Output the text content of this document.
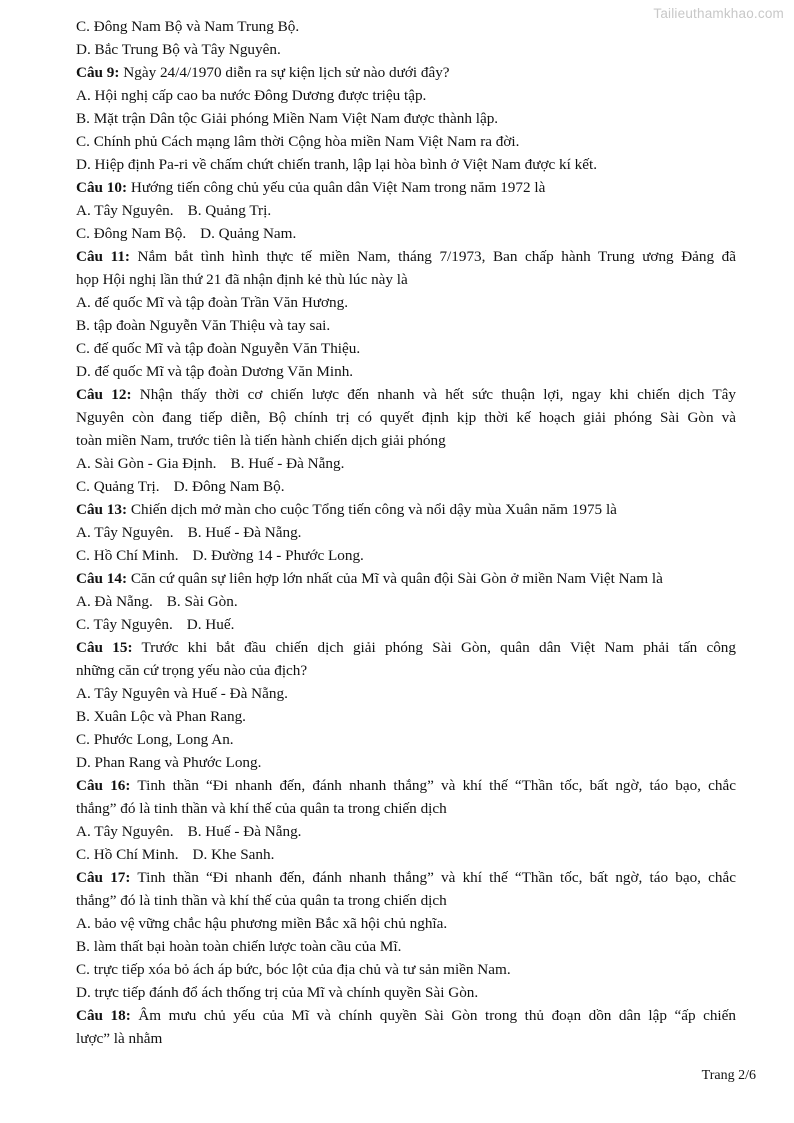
Tailieuthamkhao.com
C. Đông Nam Bộ và Nam Trung Bộ.
D. Bắc Trung Bộ và Tây Nguyên.
Câu 9: Ngày 24/4/1970 diễn ra sự kiện lịch sử nào dưới đây?
A. Hội nghị cấp cao ba nước Đông Dương được triệu tập.
B. Mặt trận Dân tộc Giải phóng Miền Nam Việt Nam được thành lập.
C. Chính phủ Cách mạng lâm thời Cộng hòa miền Nam Việt Nam ra đời.
D. Hiệp định Pa-ri về chấm chứt chiến tranh, lập lại hòa bình ở Việt Nam được kí kết.
Câu 10: Hướng tiến công chủ yếu của quân dân Việt Nam trong năm 1972 là
A. Tây Nguyên. B. Quảng Trị.
C. Đông Nam Bộ. D. Quảng Nam.
Câu 11: Nắm bắt tình hình thực tế miền Nam, tháng 7/1973, Ban chấp hành Trung ương Đảng đã
họp Hội nghị lần thứ 21 đã nhận định kẻ thù lúc này là
A. đế quốc Mĩ và tập đoàn Trần Văn Hương.
B. tập đoàn Nguyễn Văn Thiệu và tay sai.
C. đế quốc Mĩ và tập đoàn Nguyễn Văn Thiệu.
D. đế quốc Mĩ và tập đoàn Dương Văn Minh.
Câu 12: Nhận thấy thời cơ chiến lược đến nhanh và hết sức thuận lợi, ngay khi chiến dịch Tây
Nguyên còn đang tiếp diễn, Bộ chính trị có quyết định kịp thời kế hoạch giải phóng Sài Gòn và
toàn miền Nam, trước tiên là tiến hành chiến dịch giải phóng
A. Sài Gòn - Gia Định. B. Huế - Đà Nẵng.
C. Quảng Trị. D. Đông Nam Bộ.
Câu 13: Chiến dịch mở màn cho cuộc Tổng tiến công và nổi dậy mùa Xuân năm 1975 là
A. Tây Nguyên. B. Huế - Đà Nẵng.
C. Hồ Chí Minh. D. Đường 14 - Phước Long.
Câu 14: Căn cứ quân sự liên hợp lớn nhất của Mĩ và quân đội Sài Gòn ở miền Nam Việt Nam là
A. Đà Nẵng. B. Sài Gòn.
C. Tây Nguyên. D. Huế.
Câu 15: Trước khi bắt đầu chiến dịch giải phóng Sài Gòn, quân dân Việt Nam phải tấn công
những căn cứ trọng yếu nào của địch?
A. Tây Nguyên và Huế - Đà Nẵng.
B. Xuân Lộc và Phan Rang.
C. Phước Long, Long An.
D. Phan Rang và Phước Long.
Câu 16: Tinh thần “Đi nhanh đến, đánh nhanh thắng” và khí thế “Thần tốc, bất ngờ, táo bạo, chắc
thắng” đó là tinh thần và khí thế của quân ta trong chiến dịch
A. Tây Nguyên. B. Huế - Đà Nẵng.
C. Hồ Chí Minh. D. Khe Sanh.
Câu 17: Tinh thần “Đi nhanh đến, đánh nhanh thắng” và khí thế “Thần tốc, bất ngờ, táo bạo, chắc
thắng” đó là tinh thần và khí thế của quân ta trong chiến dịch
A. bảo vệ vững chắc hậu phương miền Bắc xã hội chủ nghĩa.
B. làm thất bại hoàn toàn chiến lược toàn cầu của Mĩ.
C. trực tiếp xóa bỏ ách áp bức, bóc lột của địa chủ và tư sản miền Nam.
D. trực tiếp đánh đổ ách thống trị của Mĩ và chính quyền Sài Gòn.
Câu 18: Âm mưu chủ yếu của Mĩ và chính quyền Sài Gòn trong thủ đoạn dồn dân lập “ấp chiến
lược” là nhằm
Trang 2/6
